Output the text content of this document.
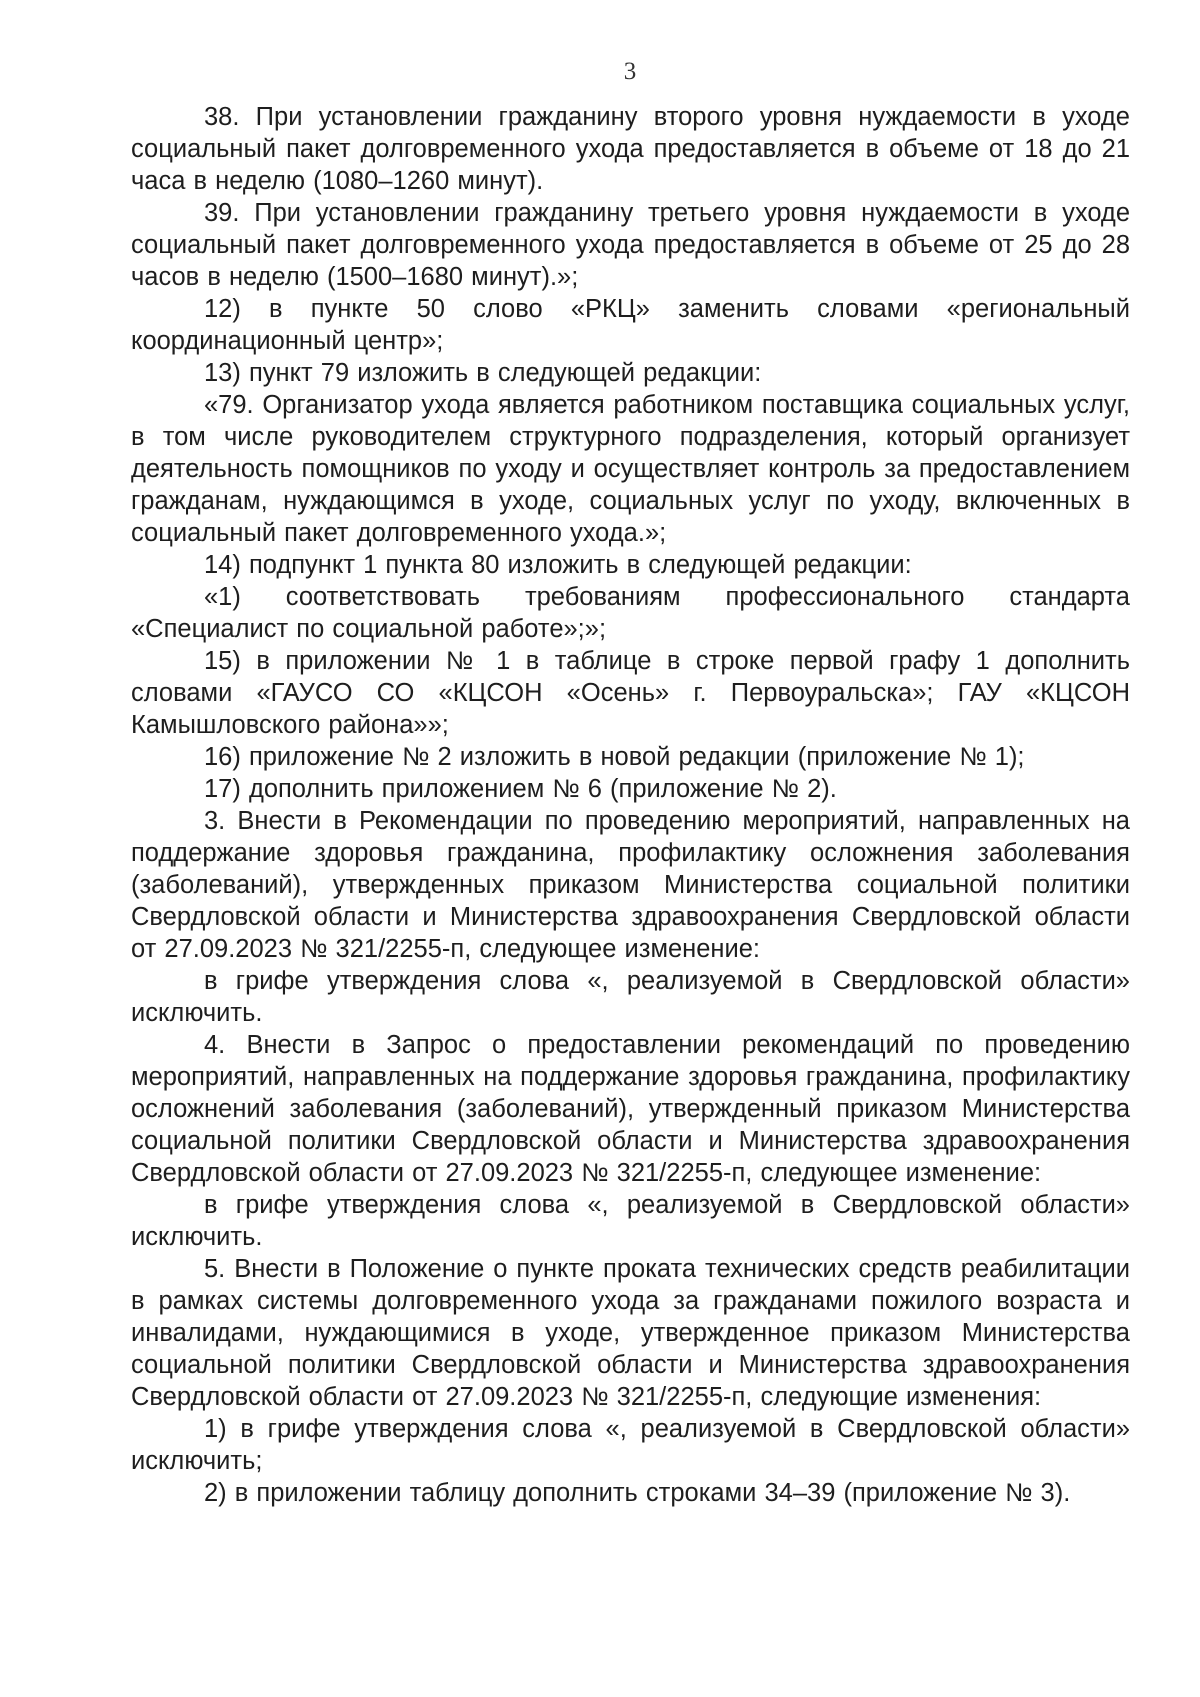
3

38. При установлении гражданину второго уровня нуждаемости в уходе социальный пакет долговременного ухода предоставляется в объеме от 18 до 21 часа в неделю (1080–1260 минут).

39. При установлении гражданину третьего уровня нуждаемости в уходе социальный пакет долговременного ухода предоставляется в объеме от 25 до 28 часов в неделю (1500–1680 минут).»;

12) в пункте 50 слово «РКЦ» заменить словами «региональный координационный центр»;

13) пункт 79 изложить в следующей редакции:

«79. Организатор ухода является работником поставщика социальных услуг, в том числе руководителем структурного подразделения, который организует деятельность помощников по уходу и осуществляет контроль за предоставлением гражданам, нуждающимся в уходе, социальных услуг по уходу, включенных в социальный пакет долговременного ухода.»;

14) подпункт 1 пункта 80 изложить в следующей редакции:

«1) соответствовать требованиям профессионального стандарта «Специалист по социальной работе»;»;

15) в приложении № 1 в таблице в строке первой графу 1 дополнить словами «ГАУСО СО «КЦСОН «Осень» г. Первоуральска»; ГАУ «КЦСОН Камышловского района»»;

16) приложение № 2 изложить в новой редакции (приложение № 1);

17) дополнить приложением № 6 (приложение № 2).

3. Внести в Рекомендации по проведению мероприятий, направленных на поддержание здоровья гражданина, профилактику осложнения заболевания (заболеваний), утвержденных приказом Министерства социальной политики Свердловской области и Министерства здравоохранения Свердловской области от 27.09.2023 № 321/2255-п, следующее изменение:

в грифе утверждения слова «, реализуемой в Свердловской области» исключить.

4. Внести в Запрос о предоставлении рекомендаций по проведению мероприятий, направленных на поддержание здоровья гражданина, профилактику осложнений заболевания (заболеваний), утвержденный приказом Министерства социальной политики Свердловской области и Министерства здравоохранения Свердловской области от 27.09.2023 № 321/2255-п, следующее изменение:

в грифе утверждения слова «, реализуемой в Свердловской области» исключить.

5. Внести в Положение о пункте проката технических средств реабилитации в рамках системы долговременного ухода за гражданами пожилого возраста и инвалидами, нуждающимися в уходе, утвержденное приказом Министерства социальной политики Свердловской области и Министерства здравоохранения Свердловской области от 27.09.2023 № 321/2255-п, следующие изменения:

1) в грифе утверждения слова «, реализуемой в Свердловской области» исключить;

2) в приложении таблицу дополнить строками 34–39 (приложение № 3).
